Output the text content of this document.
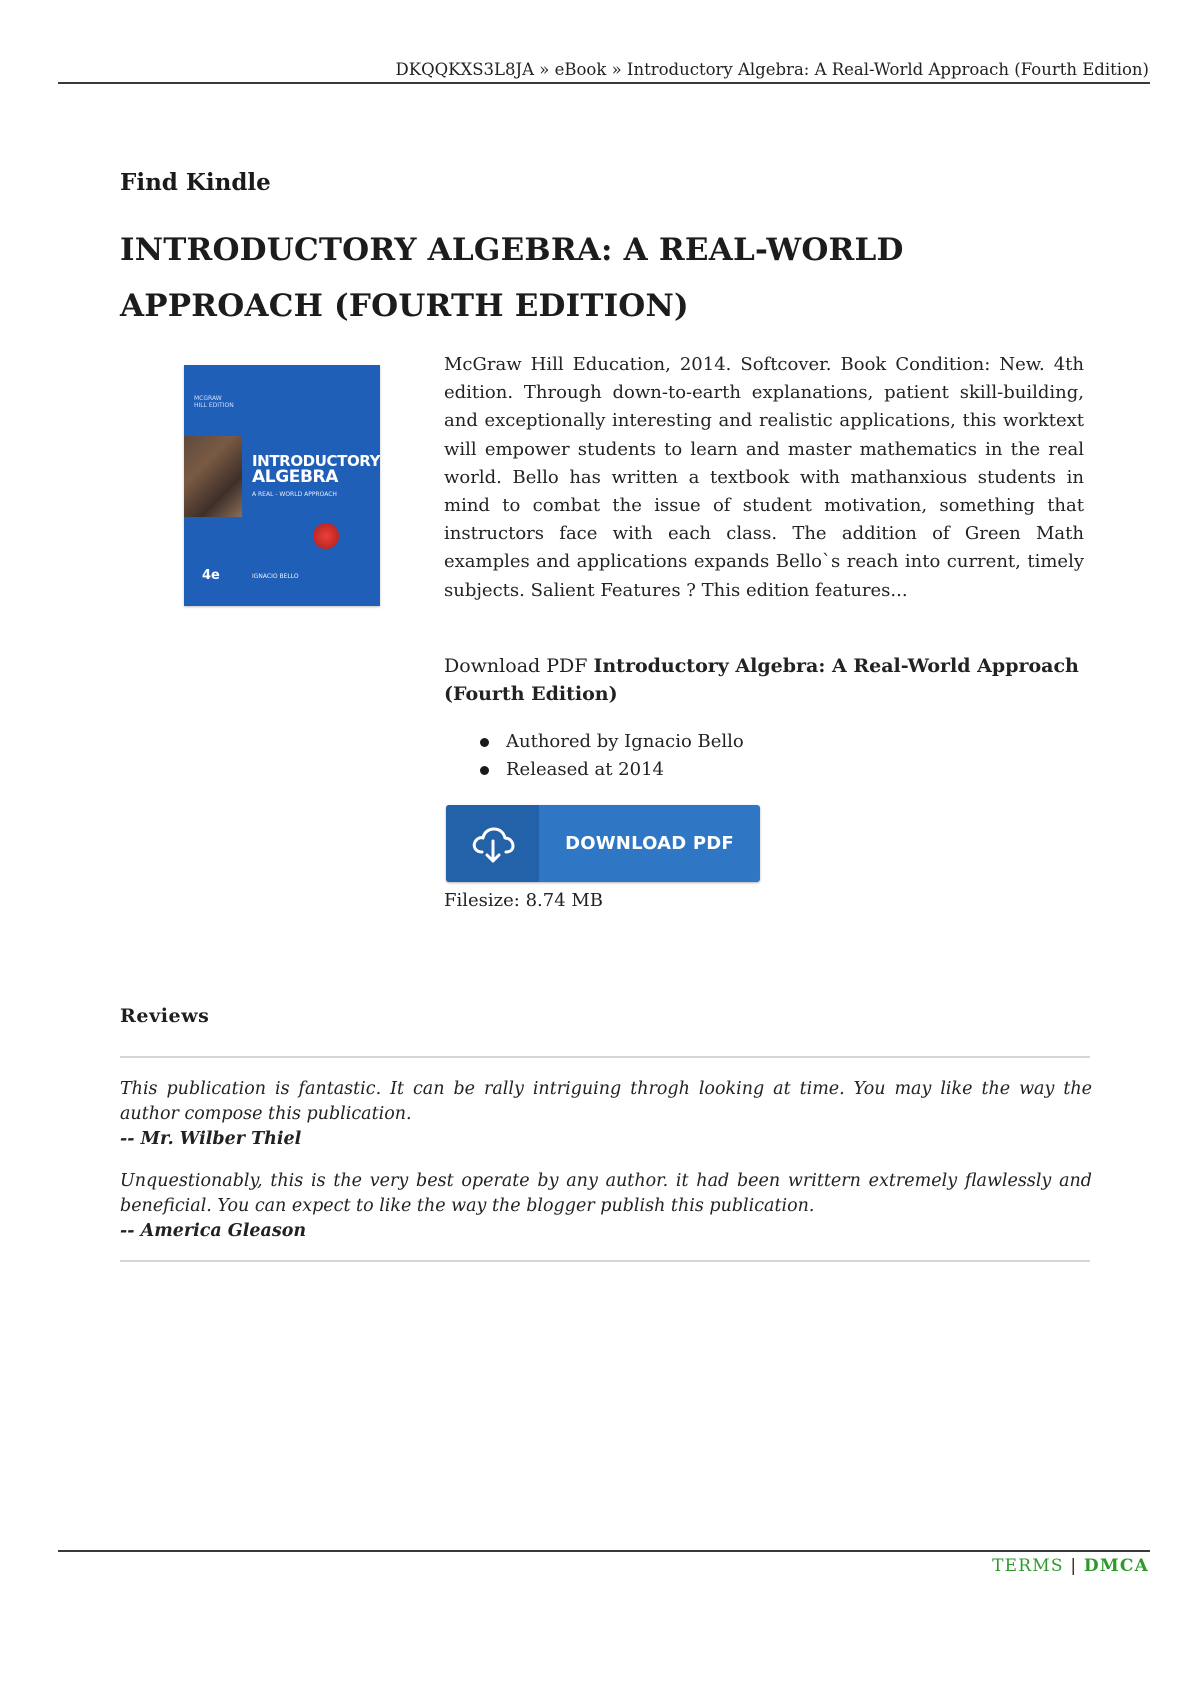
DKQQKXS3L8JA » eBook » Introductory Algebra: A Real-World Approach (Fourth Edition)
Find Kindle
INTRODUCTORY ALGEBRA: A REAL-WORLD APPROACH (FOURTH EDITION)
MCGRAW HILL EDITION
INTRODUCTORY
ALGEBRA
A REAL - WORLD APPROACH
4e	IGNACIO BELLO
McGraw Hill Education, 2014. Softcover. Book Condition: New. 4th edition. Through down-to-earth explanations, patient skill-building, and exceptionally interesting and realistic applications, this worktext will empower students to learn and master mathematics in the real world. Bello has written a textbook with mathanxious students in mind to combat the issue of student motivation, something that instructors face with each class. The addition of Green Math examples and applications expands Bello`s reach into current, timely subjects. Salient Features ? This edition features...
Download PDF Introductory Algebra: A Real-World Approach (Fourth Edition)
Authored by Ignacio Bello
Released at 2014
DOWNLOAD PDF
Filesize: 8.74 MB
Reviews
This publication is fantastic. It can be rally intriguing throgh looking at time. You may like the way the author compose this publication.
-- Mr. Wilber Thiel
Unquestionably, this is the very best operate by any author. it had been writtern extremely flawlessly and beneficial. You can expect to like the way the blogger publish this publication.
-- America Gleason
TERMS | DMCA
